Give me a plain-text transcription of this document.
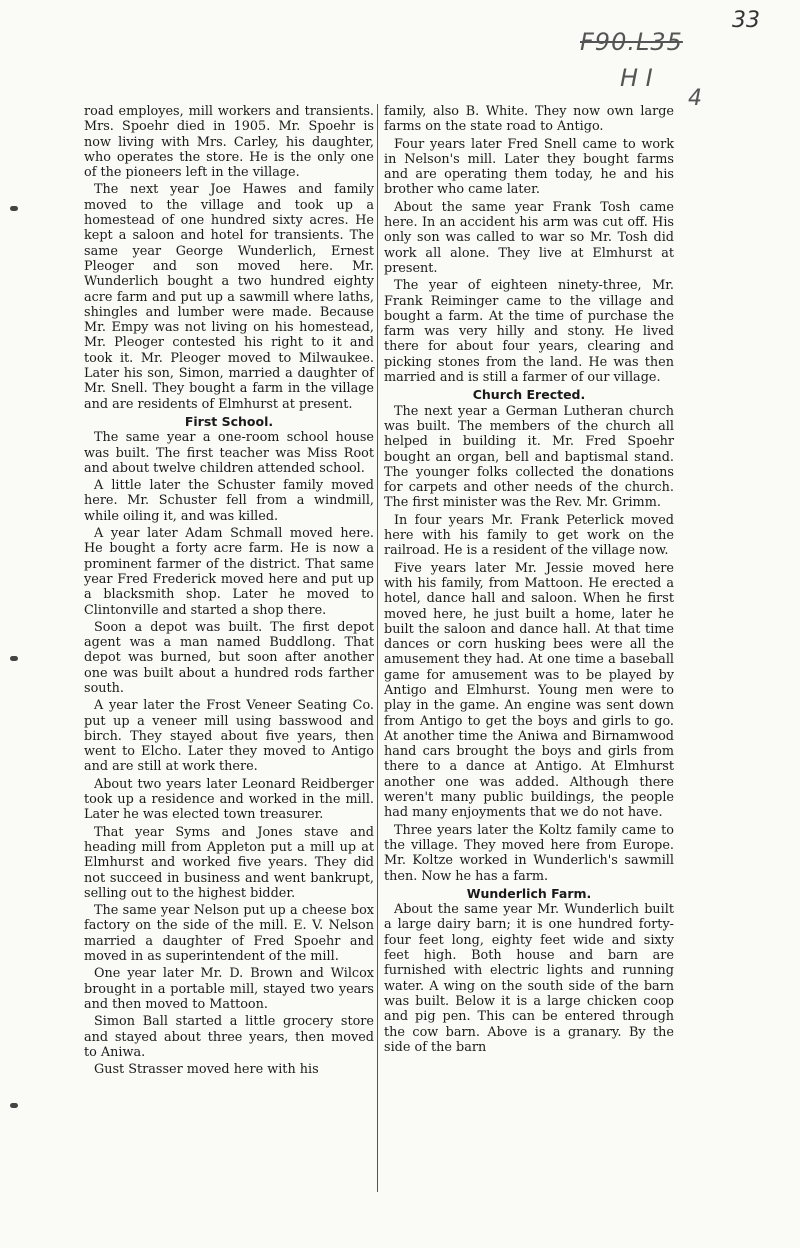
33
F90.L35
H I
4

road employes, mill workers and transients. Mrs. Spoehr died in 1905. Mr. Spoehr is now living with Mrs. Carley, his daughter, who operates the store. He is the only one of the pioneers left in the village.

The next year Joe Hawes and family moved to the village and took up a homestead of one hundred sixty acres. He kept a saloon and hotel for transients. The same year George Wunderlich, Ernest Pleoger and son moved here. Mr. Wunderlich bought a two hundred eighty acre farm and put up a sawmill where laths, shingles and lumber were made. Because Mr. Empy was not living on his homestead, Mr. Pleoger contested his right to it and took it. Mr. Pleoger moved to Milwaukee. Later his son, Simon, married a daughter of Mr. Snell. They bought a farm in the village and are residents of Elmhurst at present.

First School.

The same year a one-room school house was built. The first teacher was Miss Root and about twelve children attended school.

A little later the Schuster family moved here. Mr. Schuster fell from a windmill, while oiling it, and was killed.

A year later Adam Schmall moved here. He bought a forty acre farm. He is now a prominent farmer of the district. That same year Fred Frederick moved here and put up a blacksmith shop. Later he moved to Clintonville and started a shop there.

Soon a depot was built. The first depot agent was a man named Buddlong. That depot was burned, but soon after another one was built about a hundred rods farther south.

A year later the Frost Veneer Seating Co. put up a veneer mill using basswood and birch. They stayed about five years, then went to Elcho. Later they moved to Antigo and are still at work there.

About two years later Leonard Reidberger took up a residence and worked in the mill. Later he was elected town treasurer.

That year Syms and Jones stave and heading mill from Appleton put a mill up at Elmhurst and worked five years. They did not succeed in business and went bankrupt, selling out to the highest bidder.

The same year Nelson put up a cheese box factory on the side of the mill. E. V. Nelson married a daughter of Fred Spoehr and moved in as superintendent of the mill.

One year later Mr. D. Brown and Wilcox brought in a portable mill, stayed two years and then moved to Mattoon.

Simon Ball started a little grocery store and stayed about three years, then moved to Aniwa.

Gust Strasser moved here with his

family, also B. White. They now own large farms on the state road to Antigo.

Four years later Fred Snell came to work in Nelson's mill. Later they bought farms and are operating them today, he and his brother who came later.

About the same year Frank Tosh came here. In an accident his arm was cut off. His only son was called to war so Mr. Tosh did work all alone. They live at Elmhurst at present.

The year of eighteen ninety-three, Mr. Frank Reiminger came to the village and bought a farm. At the time of purchase the farm was very hilly and stony. He lived there for about four years, clearing and picking stones from the land. He was then married and is still a farmer of our village.

Church Erected.

The next year a German Lutheran church was built. The members of the church all helped in building it. Mr. Fred Spoehr bought an organ, bell and baptismal stand. The younger folks collected the donations for carpets and other needs of the church. The first minister was the Rev. Mr. Grimm.

In four years Mr. Frank Peterlick moved here with his family to get work on the railroad. He is a resident of the village now.

Five years later Mr. Jessie moved here with his family, from Mattoon. He erected a hotel, dance hall and saloon. When he first moved here, he just built a home, later he built the saloon and dance hall. At that time dances or corn husking bees were all the amusement they had. At one time a baseball game for amusement was to be played by Antigo and Elmhurst. Young men were to play in the game. An engine was sent down from Antigo to get the boys and girls to go. At another time the Aniwa and Birnamwood hand cars brought the boys and girls from there to a dance at Antigo. At Elmhurst another one was added. Although there weren't many public buildings, the people had many enjoyments that we do not have.

Three years later the Koltz family came to the village. They moved here from Europe. Mr. Koltze worked in Wunderlich's sawmill then. Now he has a farm.

Wunderlich Farm.

About the same year Mr. Wunderlich built a large dairy barn; it is one hundred forty-four feet long, eighty feet wide and sixty feet high. Both house and barn are furnished with electric lights and running water. A wing on the south side of the barn was built. Below it is a large chicken coop and pig pen. This can be entered through the cow barn. Above is a granary. By the side of the barn
